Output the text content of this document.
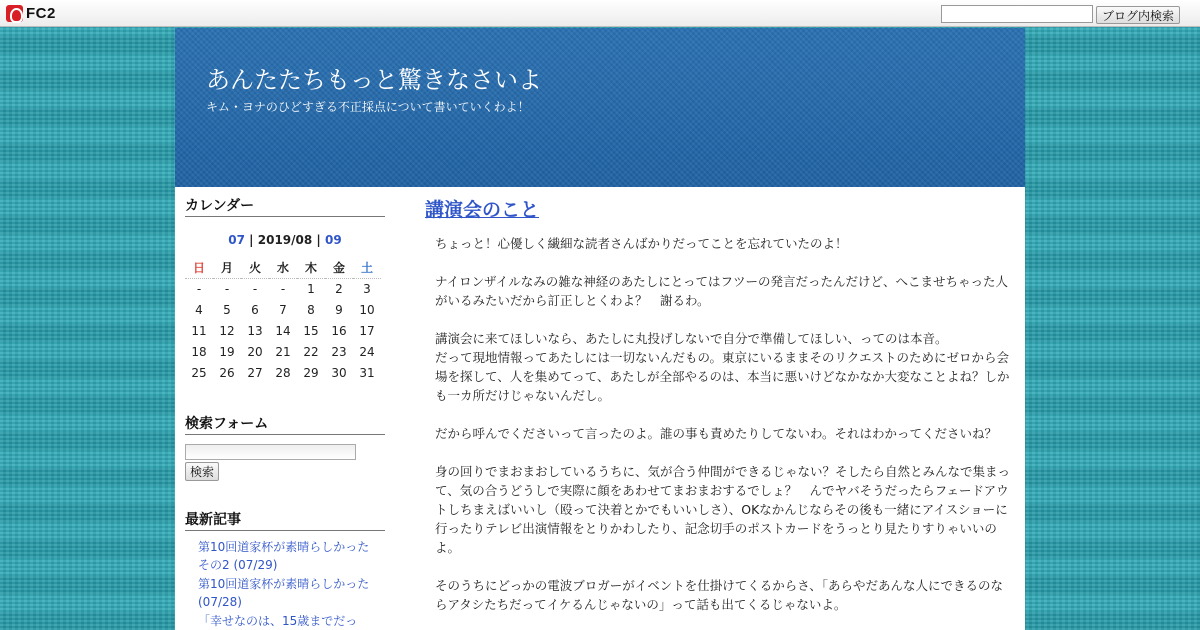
FC2	ブログ内検索
あんたたちもっと驚きなさいよ
キム・ヨナのひどすぎる不正採点について書いていくわよ！
カレンダー
07 | 2019/08 | 09
日	月	火	水	木	金	土
-	-	-	-	1	2	3
4	5	6	7	8	9	10
11	12	13	14	15	16	17
18	19	20	21	22	23	24
25	26	27	28	29	30	31
検索フォーム
検索
最新記事
第10回道家杯が素晴らしかった　その2 (07/29)
第10回道家杯が素晴らしかった (07/28)
「幸せなのは、15歳までだっ
講演会のこと

ちょっと！心優しく繊細な読者さんばかりだってことを忘れていたのよ！

ナイロンザイルなみの雑な神経のあたしにとってはフツーの発言だったんだけど、へこませちゃった人がいるみたいだから訂正しとくわよ？　謝るわ。

講演会に来てほしいなら、あたしに丸投げしないで自分で準備してほしい、ってのは本音。
だって現地情報ってあたしには一切ないんだもの。東京にいるままそのリクエストのためにゼロから会場を探して、人を集めてって、あたしが全部やるのは、本当に悪いけどなかなか大変なことよね？しかも一カ所だけじゃないんだし。

だから呼んでくださいって言ったのよ。誰の事も責めたりしてないわ。それはわかってくださいね？

身の回りでまおまおしているうちに、気が合う仲間ができるじゃない？そしたら自然とみんなで集まって、気の合うどうしで実際に顔をあわせてまおまおするでしょ？　んでヤバそうだったらフェードアウトしちまえばいいし（殴って決着とかでもいいしさ）、OKなかんじならその後も一緒にアイスショーに行ったりテレビ出演情報をとりかわしたり、記念切手のポストカードをうっとり見たりすりゃいいのよ。

そのうちにどっかの電波ブロガーがイベントを仕掛けてくるからさ、「あらやだあんな人にできるのならアタシたちだってイケるんじゃないの」って話も出てくるじゃないよ。
